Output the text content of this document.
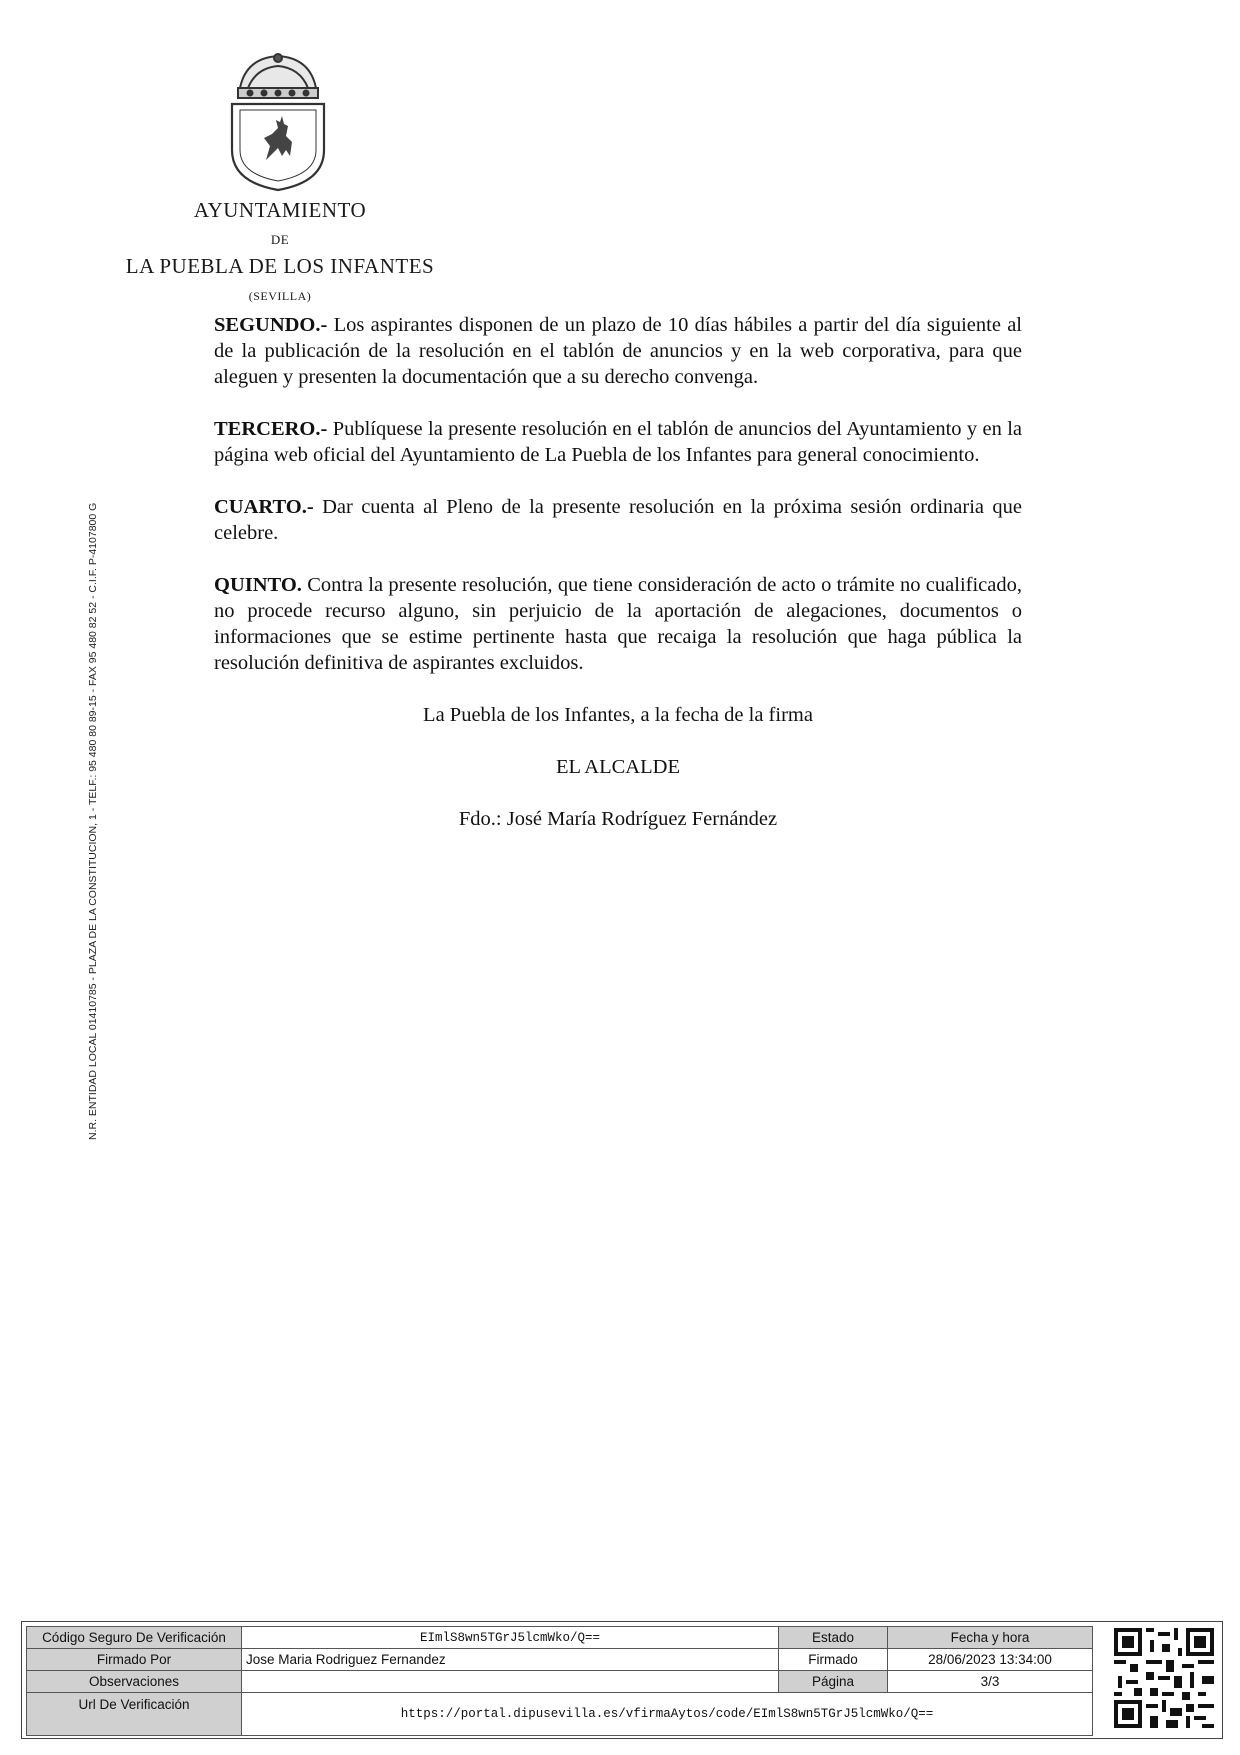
AYUNTAMIENTO
DE
LA PUEBLA DE LOS INFANTES
(SEVILLA)
N.R. ENTIDAD LOCAL 01410785 - PLAZA DE LA CONSTITUCION, 1 - TELF.: 95 480 80 89-15 - FAX 95 480 82 52 - C.I.F. P-4107800 G

SEGUNDO.- Los aspirantes disponen de un plazo de 10 días hábiles a partir del día siguiente al de la publicación de la resolución en el tablón de anuncios y en la web corporativa, para que aleguen y presenten la documentación que a su derecho convenga.

TERCERO.- Publíquese la presente resolución en el tablón de anuncios del Ayuntamiento y en la página web oficial del Ayuntamiento de La Puebla de los Infantes para general conocimiento.

CUARTO.- Dar cuenta al Pleno de la presente resolución en la próxima sesión ordinaria que celebre.

QUINTO. Contra la presente resolución, que tiene consideración de acto o trámite no cualificado, no procede recurso alguno, sin perjuicio de la aportación de alegaciones, documentos o informaciones que se estime pertinente hasta que recaiga la resolución que haga pública la resolución definitiva de aspirantes excluidos.

La Puebla de los Infantes, a la fecha de la firma

EL ALCALDE

Fdo.: José María Rodríguez Fernández

Código Seguro De Verificación	EImlS8wn5TGrJ5lcmWko/Q==	Estado	Fecha y hora
Firmado Por	Jose Maria Rodriguez Fernandez	Firmado	28/06/2023 13:34:00
Observaciones		Página	3/3
Url De Verificación	https://portal.dipusevilla.es/vfirmaAytos/code/EImlS8wn5TGrJ5lcmWko/Q==		
